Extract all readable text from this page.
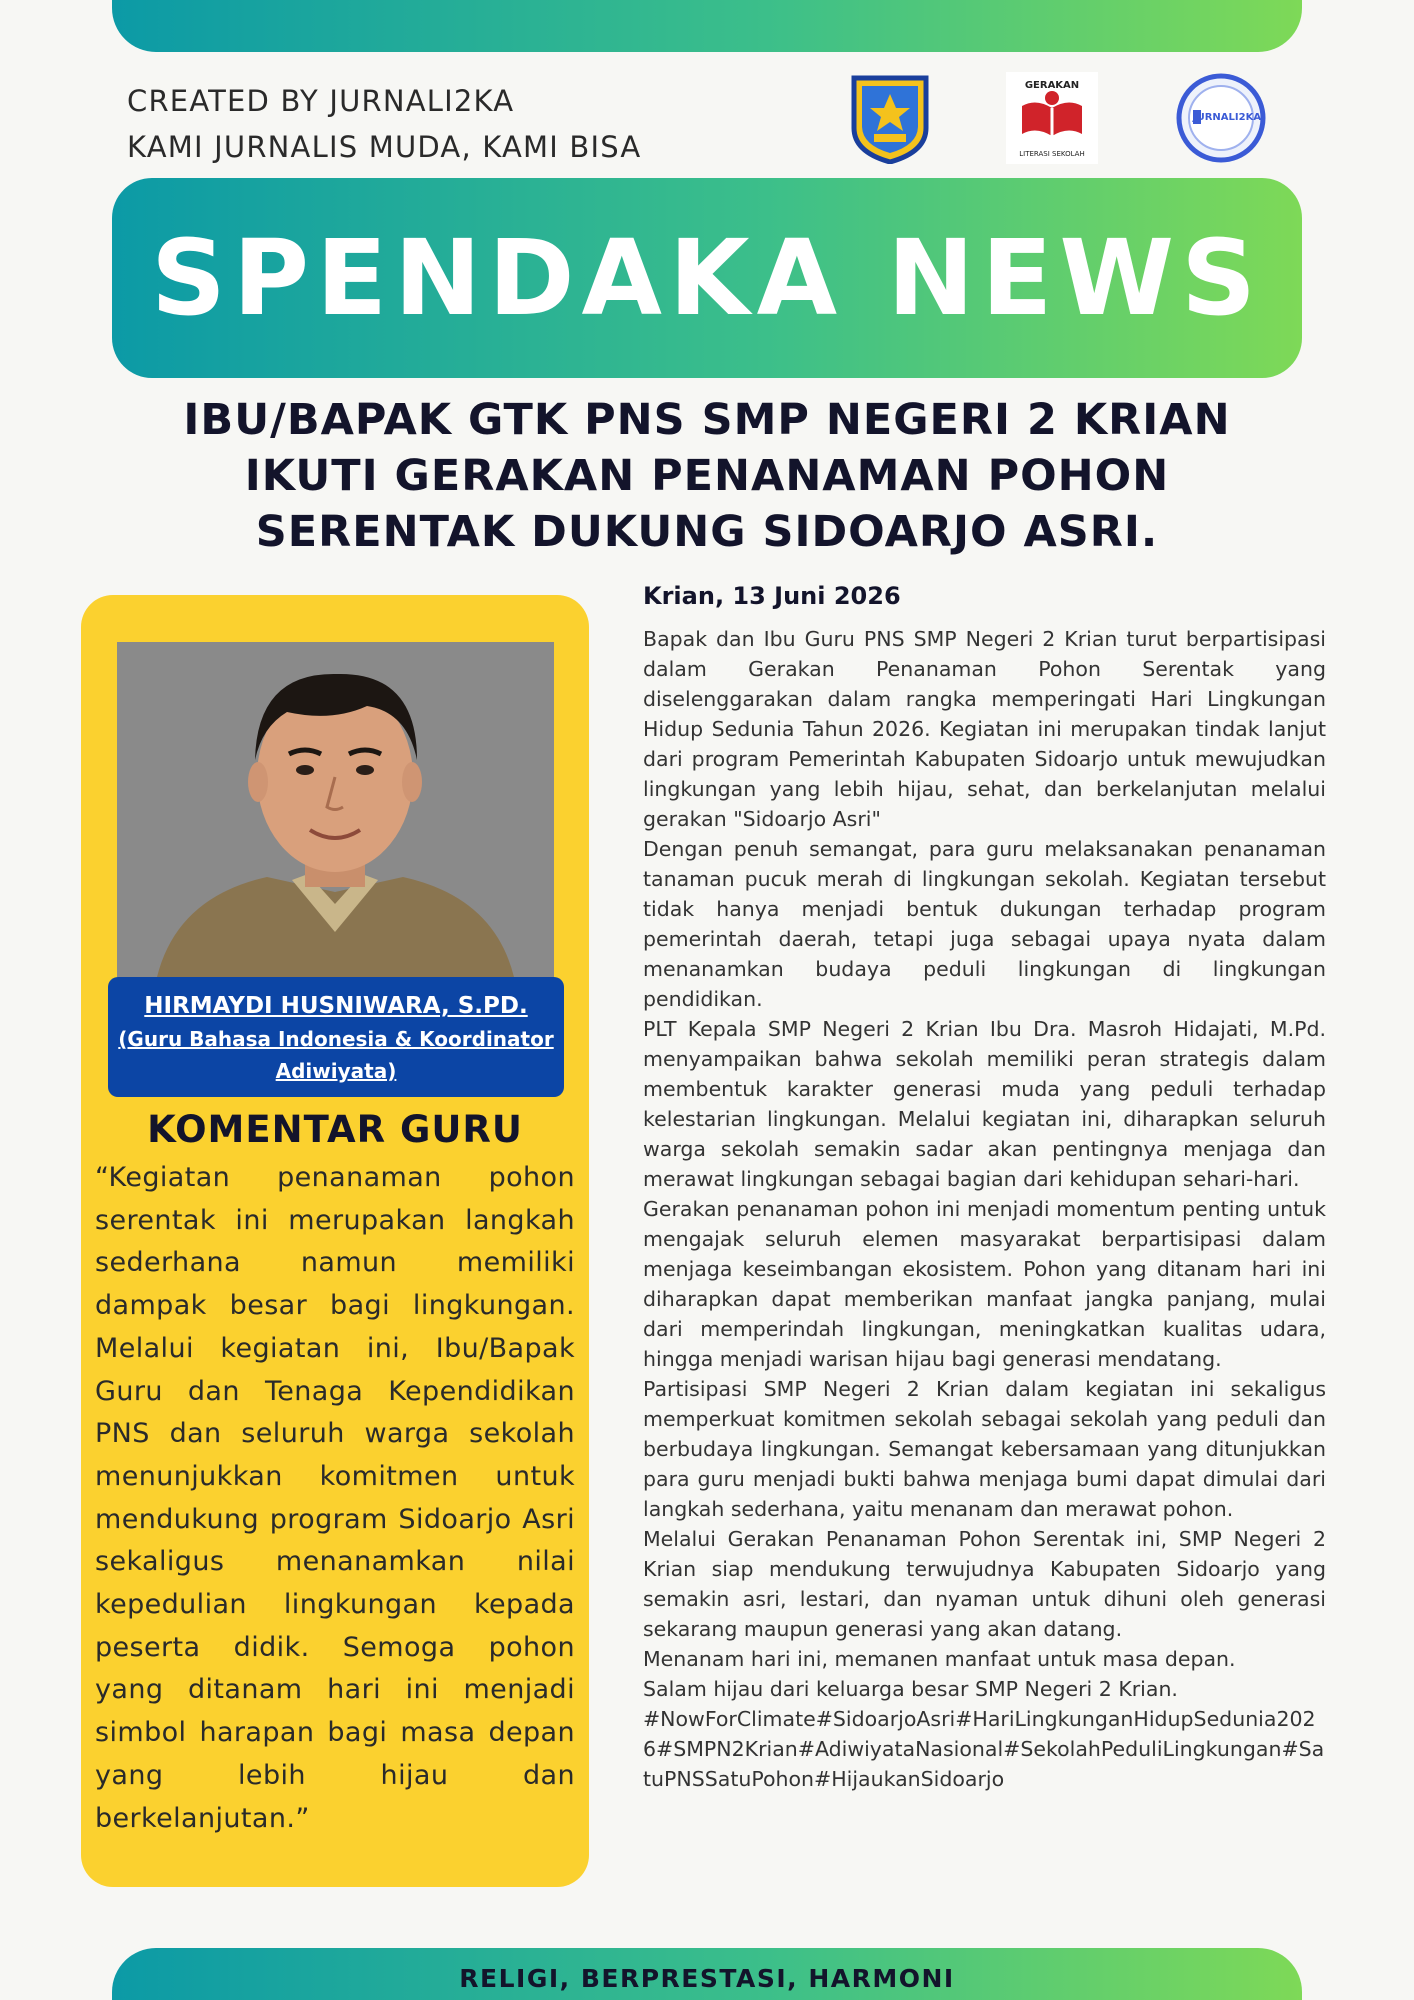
CREATED BY JURNALI2KA
KAMI JURNALIS MUDA, KAMI BISA
GERAKAN
LITERASI SEKOLAH
JURNALI2KA
SPENDAKA NEWS
IBU/BAPAK GTK PNS SMP NEGERI 2 KRIAN
IKUTI GERAKAN PENANAMAN POHON
SERENTAK DUKUNG SIDOARJO ASRI.
HIRMAYDI HUSNIWARA, S.PD.
(Guru Bahasa Indonesia & Koordinator Adiwiyata)
KOMENTAR GURU
“Kegiatan penanaman pohon serentak ini merupakan langkah sederhana namun memiliki dampak besar bagi lingkungan. Melalui kegiatan ini, Ibu/Bapak Guru dan Tenaga Kependidikan PNS dan seluruh warga sekolah menunjukkan komitmen untuk mendukung program Sidoarjo Asri sekaligus menanamkan nilai kepedulian lingkungan kepada peserta didik. Semoga pohon yang ditanam hari ini menjadi simbol harapan bagi masa depan yang lebih hijau dan berkelanjutan.”
Krian, 13 Juni 2026

Bapak dan Ibu Guru PNS SMP Negeri 2 Krian turut berpartisipasi dalam Gerakan Penanaman Pohon Serentak yang diselenggarakan dalam rangka memperingati Hari Lingkungan Hidup Sedunia Tahun 2026. Kegiatan ini merupakan tindak lanjut dari program Pemerintah Kabupaten Sidoarjo untuk mewujudkan lingkungan yang lebih hijau, sehat, dan berkelanjutan melalui gerakan "Sidoarjo Asri"

Dengan penuh semangat, para guru melaksanakan penanaman tanaman pucuk merah di lingkungan sekolah. Kegiatan tersebut tidak hanya menjadi bentuk dukungan terhadap program pemerintah daerah, tetapi juga sebagai upaya nyata dalam menanamkan budaya peduli lingkungan di lingkungan pendidikan.

PLT Kepala SMP Negeri 2 Krian Ibu Dra. Masroh Hidajati, M.Pd. menyampaikan bahwa sekolah memiliki peran strategis dalam membentuk karakter generasi muda yang peduli terhadap kelestarian lingkungan. Melalui kegiatan ini, diharapkan seluruh warga sekolah semakin sadar akan pentingnya menjaga dan merawat lingkungan sebagai bagian dari kehidupan sehari-hari.

Gerakan penanaman pohon ini menjadi momentum penting untuk mengajak seluruh elemen masyarakat berpartisipasi dalam menjaga keseimbangan ekosistem. Pohon yang ditanam hari ini diharapkan dapat memberikan manfaat jangka panjang, mulai dari memperindah lingkungan, meningkatkan kualitas udara, hingga menjadi warisan hijau bagi generasi mendatang.

Partisipasi SMP Negeri 2 Krian dalam kegiatan ini sekaligus memperkuat komitmen sekolah sebagai sekolah yang peduli dan berbudaya lingkungan. Semangat kebersamaan yang ditunjukkan para guru menjadi bukti bahwa menjaga bumi dapat dimulai dari langkah sederhana, yaitu menanam dan merawat pohon.

Melalui Gerakan Penanaman Pohon Serentak ini, SMP Negeri 2 Krian siap mendukung terwujudnya Kabupaten Sidoarjo yang semakin asri, lestari, dan nyaman untuk dihuni oleh generasi sekarang maupun generasi yang akan datang.

Menanam hari ini, memanen manfaat untuk masa depan.

Salam hijau dari keluarga besar SMP Negeri 2 Krian.

#NowForClimate#SidoarjoAsri#HariLingkunganHidupSedunia2026#SMPN2Krian#AdiwiyataNasional#SekolahPeduliLingkungan#SatuPNSSatuPohon#HijaukanSidoarjo

RELIGI, BERPRESTASI, HARMONI
